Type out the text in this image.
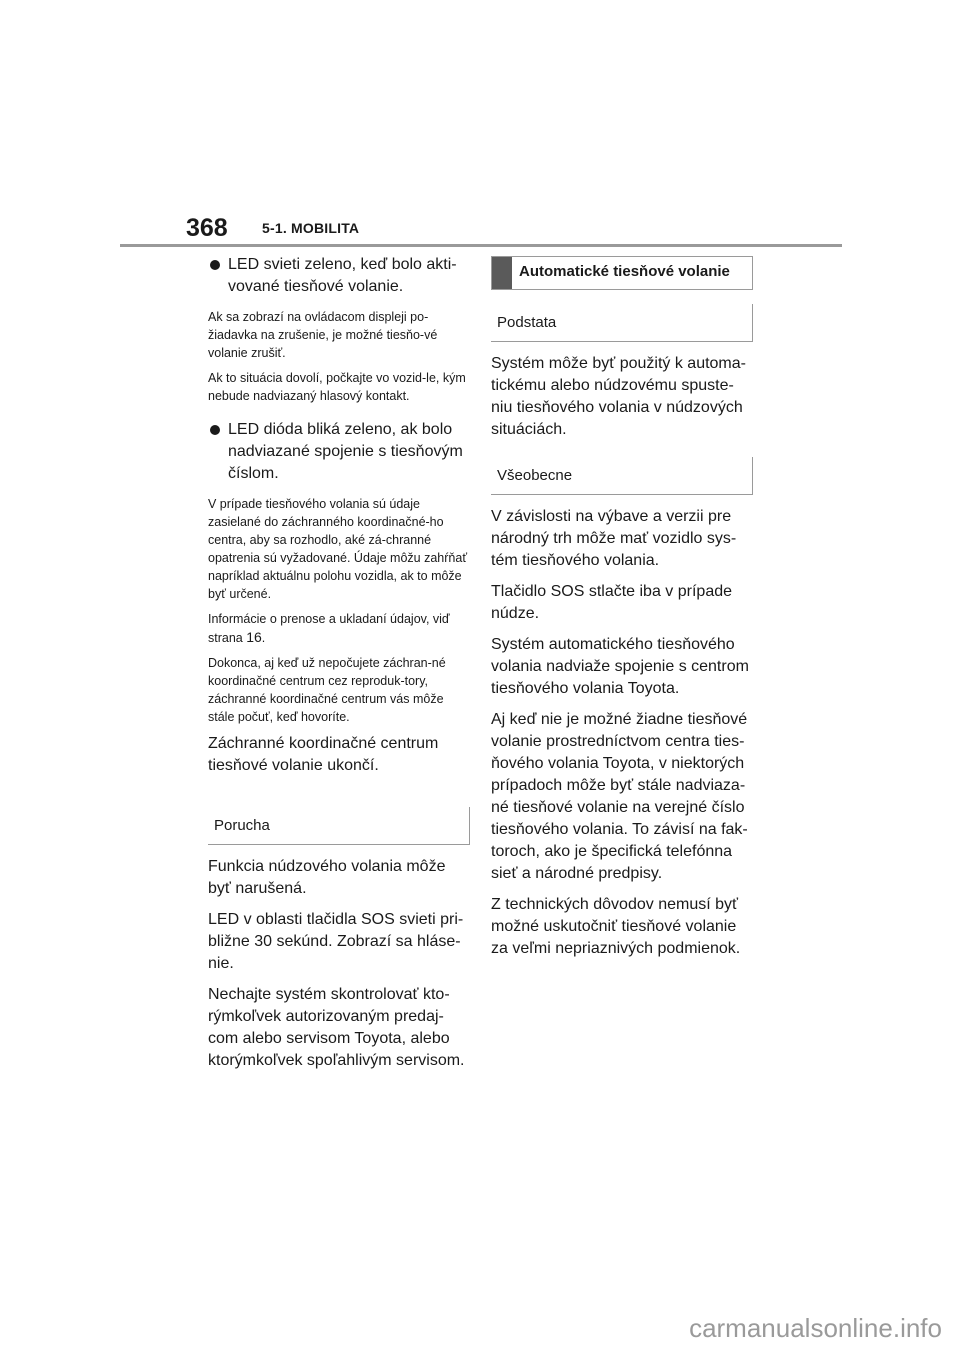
368 5-1. MOBILITA
LED svieti zeleno, keď bolo akti-vované tiesňové volanie.

Ak sa zobrazí na ovládacom displeji po-žiadavka na zrušenie, je možné tiesňo-vé volanie zrušiť.

Ak to situácia dovolí, počkajte vo vozid-le, kým nebude nadviazaný hlasový kontakt.

LED dióda bliká zeleno, ak bolo nadviazané spojenie s tiesňovým číslom.

V prípade tiesňového volania sú údaje zasielané do záchranného koordinačné-ho centra, aby sa rozhodlo, aké zá-chranné opatrenia sú vyžadované. Údaje môžu zahŕňať napríklad aktuálnu polohu vozidla, ak to môže byť určené.

Informácie o prenose a ukladaní údajov, viď strana 16.

Dokonca, aj keď už nepočujete záchran-né koordinačné centrum cez reproduk-tory, záchranné koordinačné centrum vás môže stále počuť, keď hovoríte.

Záchranné koordinačné centrum tiesňové volanie ukončí.

Porucha

Funkcia núdzového volania môže byť narušená.

LED v oblasti tlačidla SOS svieti pri-bližne 30 sekúnd. Zobrazí sa hláse-nie.

Nechajte systém skontrolovať kto-rýmkoľvek autorizovaným predaj-com alebo servisom Toyota, alebo ktorýmkoľvek spoľahlivým servisom.

Automatické tiesňové volanie
Podstata

Systém môže byť použitý k automa-tickému alebo núdzovému spuste-niu tiesňového volania v núdzových situáciách.

Všeobecne

V závislosti na výbave a verzii pre národný trh môže mať vozidlo sys-tém tiesňového volania.

Tlačidlo SOS stlačte iba v prípade núdze.

Systém automatického tiesňového volania nadviaže spojenie s centrom tiesňového volania Toyota.

Aj keď nie je možné žiadne tiesňové volanie prostredníctvom centra ties-ňového volania Toyota, v niektorých prípadoch môže byť stále nadviaza-né tiesňové volanie na verejné číslo tiesňového volania. To závisí na fak-toroch, ako je špecifická telefónna sieť a národné predpisy.

Z technických dôvodov nemusí byť možné uskutočniť tiesňové volanie za veľmi nepriaznivých podmienok.

carmanualsonline.info
